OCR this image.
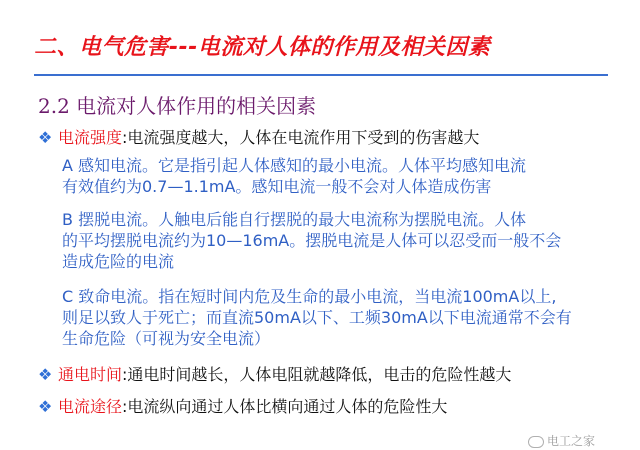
二、电气危害---电流对人体的作用及相关因素
2.2 电流对人体作用的相关因素
❖ 电流强度:电流强度越大，人体在电流作用下受到的伤害越大
A 感知电流。它是指引起人体感知的最小电流。人体平均感知电流
有效值约为0.7—1.1mA。感知电流一般不会对人体造成伤害
B 摆脱电流。人触电后能自行摆脱的最大电流称为摆脱电流。人体
的平均摆脱电流约为10—16mA。摆脱电流是人体可以忍受而一般不会
造成危险的电流
C 致命电流。指在短时间内危及生命的最小电流，当电流100mA以上,
则足以致人于死亡；而直流50mA以下、工频30mA以下电流通常不会有
生命危险（可视为安全电流）
❖ 通电时间:通电时间越长，人体电阻就越降低，电击的危险性越大
❖ 电流途径:电流纵向通过人体比横向通过人体的危险性大
电工之家
